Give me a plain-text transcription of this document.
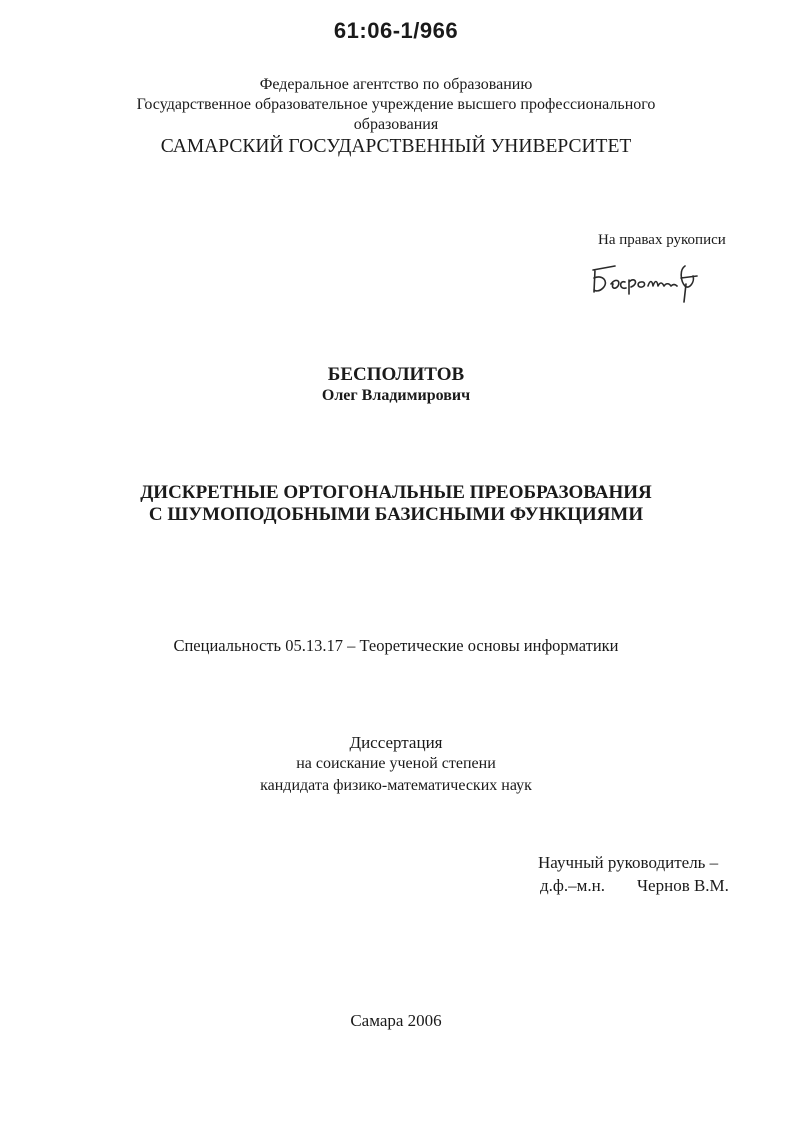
61:06-1/966
Федеральное агентство по образованию
Государственное образовательное учреждение высшего профессионального
образования
САМАРСКИЙ ГОСУДАРСТВЕННЫЙ УНИВЕРСИТЕТ
На правах рукописи
БЕСПОЛИТОВ
Олег Владимирович
ДИСКРЕТНЫЕ ОРТОГОНАЛЬНЫЕ ПРЕОБРАЗОВАНИЯ
С ШУМОПОДОБНЫМИ БАЗИСНЫМИ ФУНКЦИЯМИ
Специальность 05.13.17 – Теоретические основы информатики
Диссертация
на соискание ученой степени
кандидата физико-математических наук
Научный руководитель –
д.ф.–м.н. Чернов В.М.
Самара 2006
